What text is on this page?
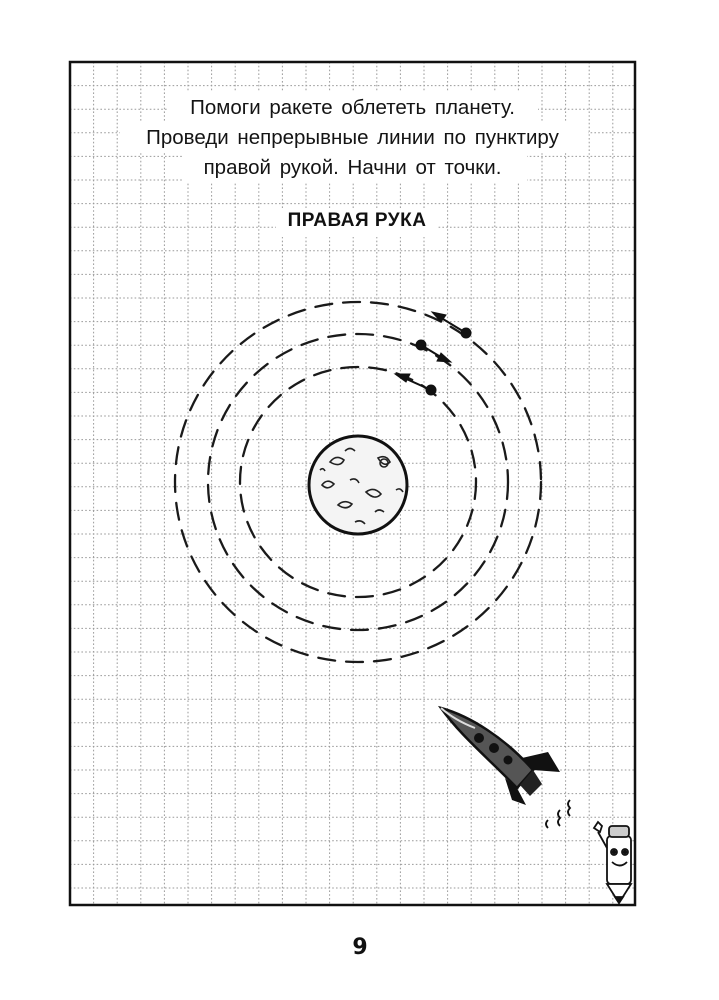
Помоги ракете облететь планету.
Проведи непрерывные линии по пунктиру
правой рукой. Начни от точки.
ПРАВАЯ РУКА
9
